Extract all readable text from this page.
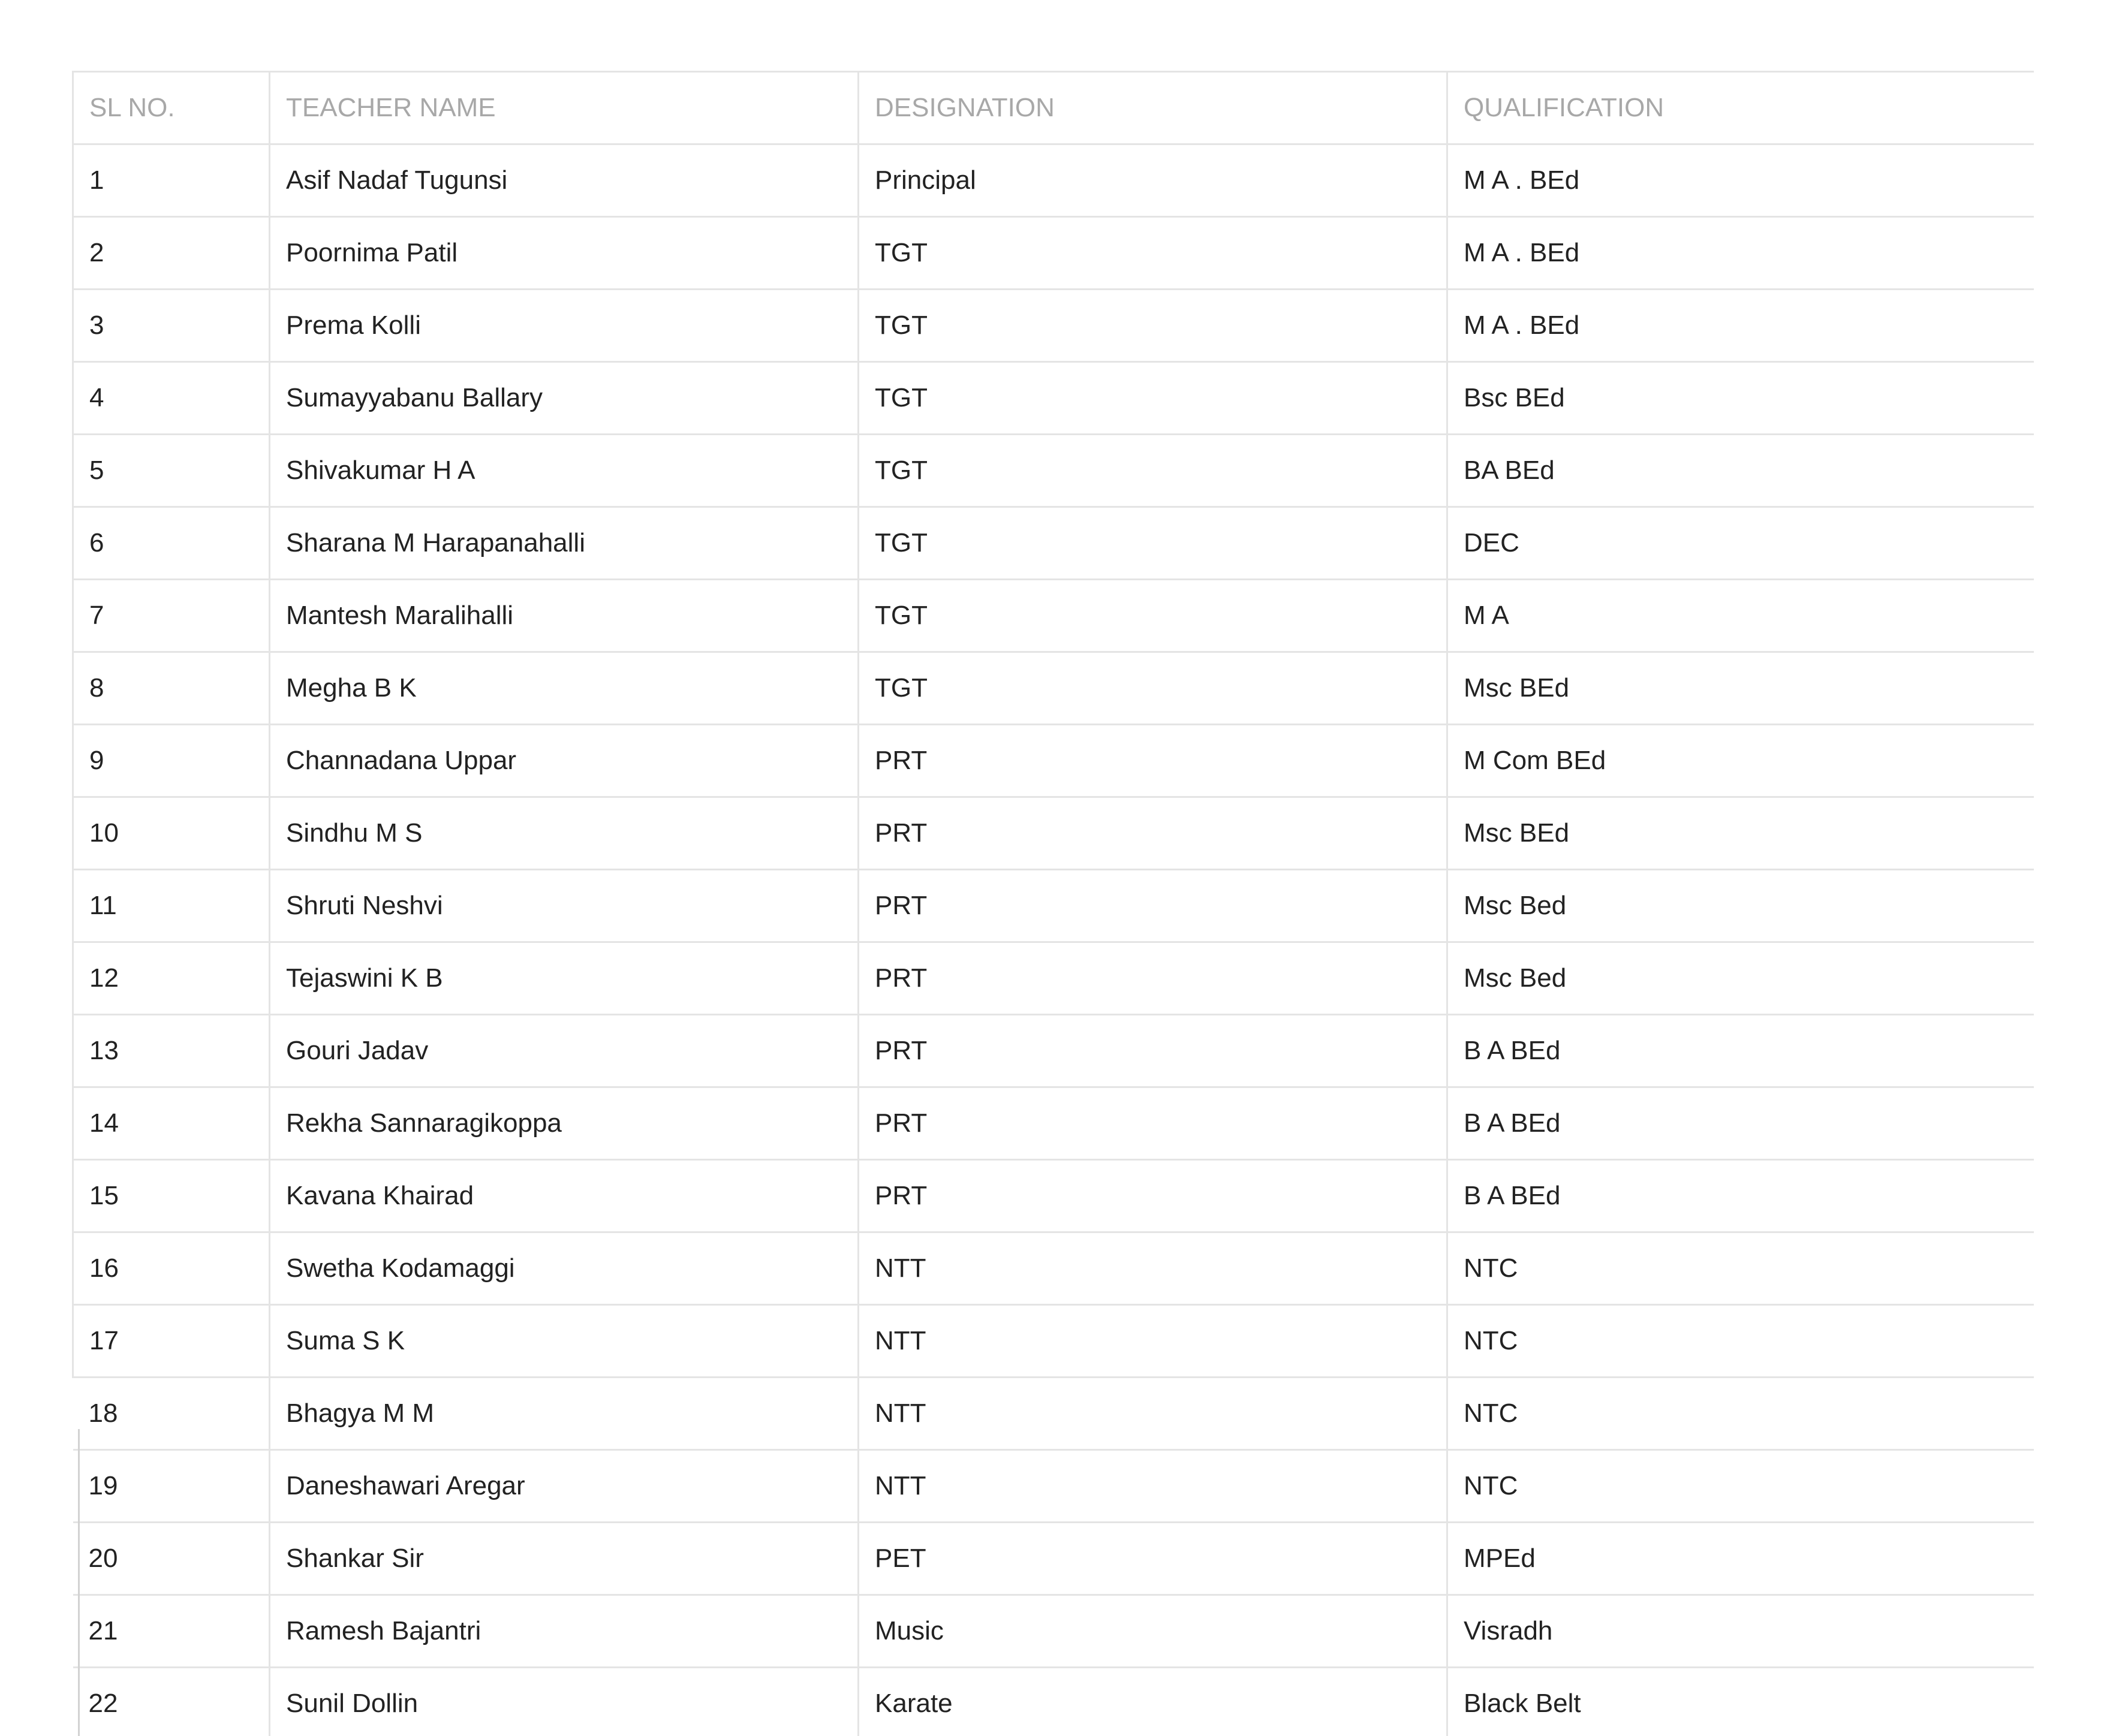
SL NO.	TEACHER NAME	DESIGNATION	QUALIFICATION
1	Asif Nadaf Tugunsi	Principal	M A . BEd
2	Poornima Patil	TGT	M A . BEd
3	Prema Kolli	TGT	M A . BEd
4	Sumayyabanu Ballary	TGT	Bsc BEd
5	Shivakumar H A	TGT	BA BEd
6	Sharana M Harapanahalli	TGT	DEC
7	Mantesh Maralihalli	TGT	M A
8	Megha B K	TGT	Msc BEd
9	Channadana Uppar	PRT	M Com BEd
10	Sindhu M S	PRT	Msc BEd
11	Shruti Neshvi	PRT	Msc Bed
12	Tejaswini K B	PRT	Msc Bed
13	Gouri Jadav	PRT	B A BEd
14	Rekha Sannaragikoppa	PRT	B A BEd
15	Kavana Khairad	PRT	B A BEd
16	Swetha Kodamaggi	NTT	NTC
17	Suma S K	NTT	NTC
18	Bhagya M M	NTT	NTC
19	Daneshawari Aregar	NTT	NTC
20	Shankar Sir	PET	MPEd
21	Ramesh Bajantri	Music	Visradh
22	Sunil Dollin	Karate	Black Belt
